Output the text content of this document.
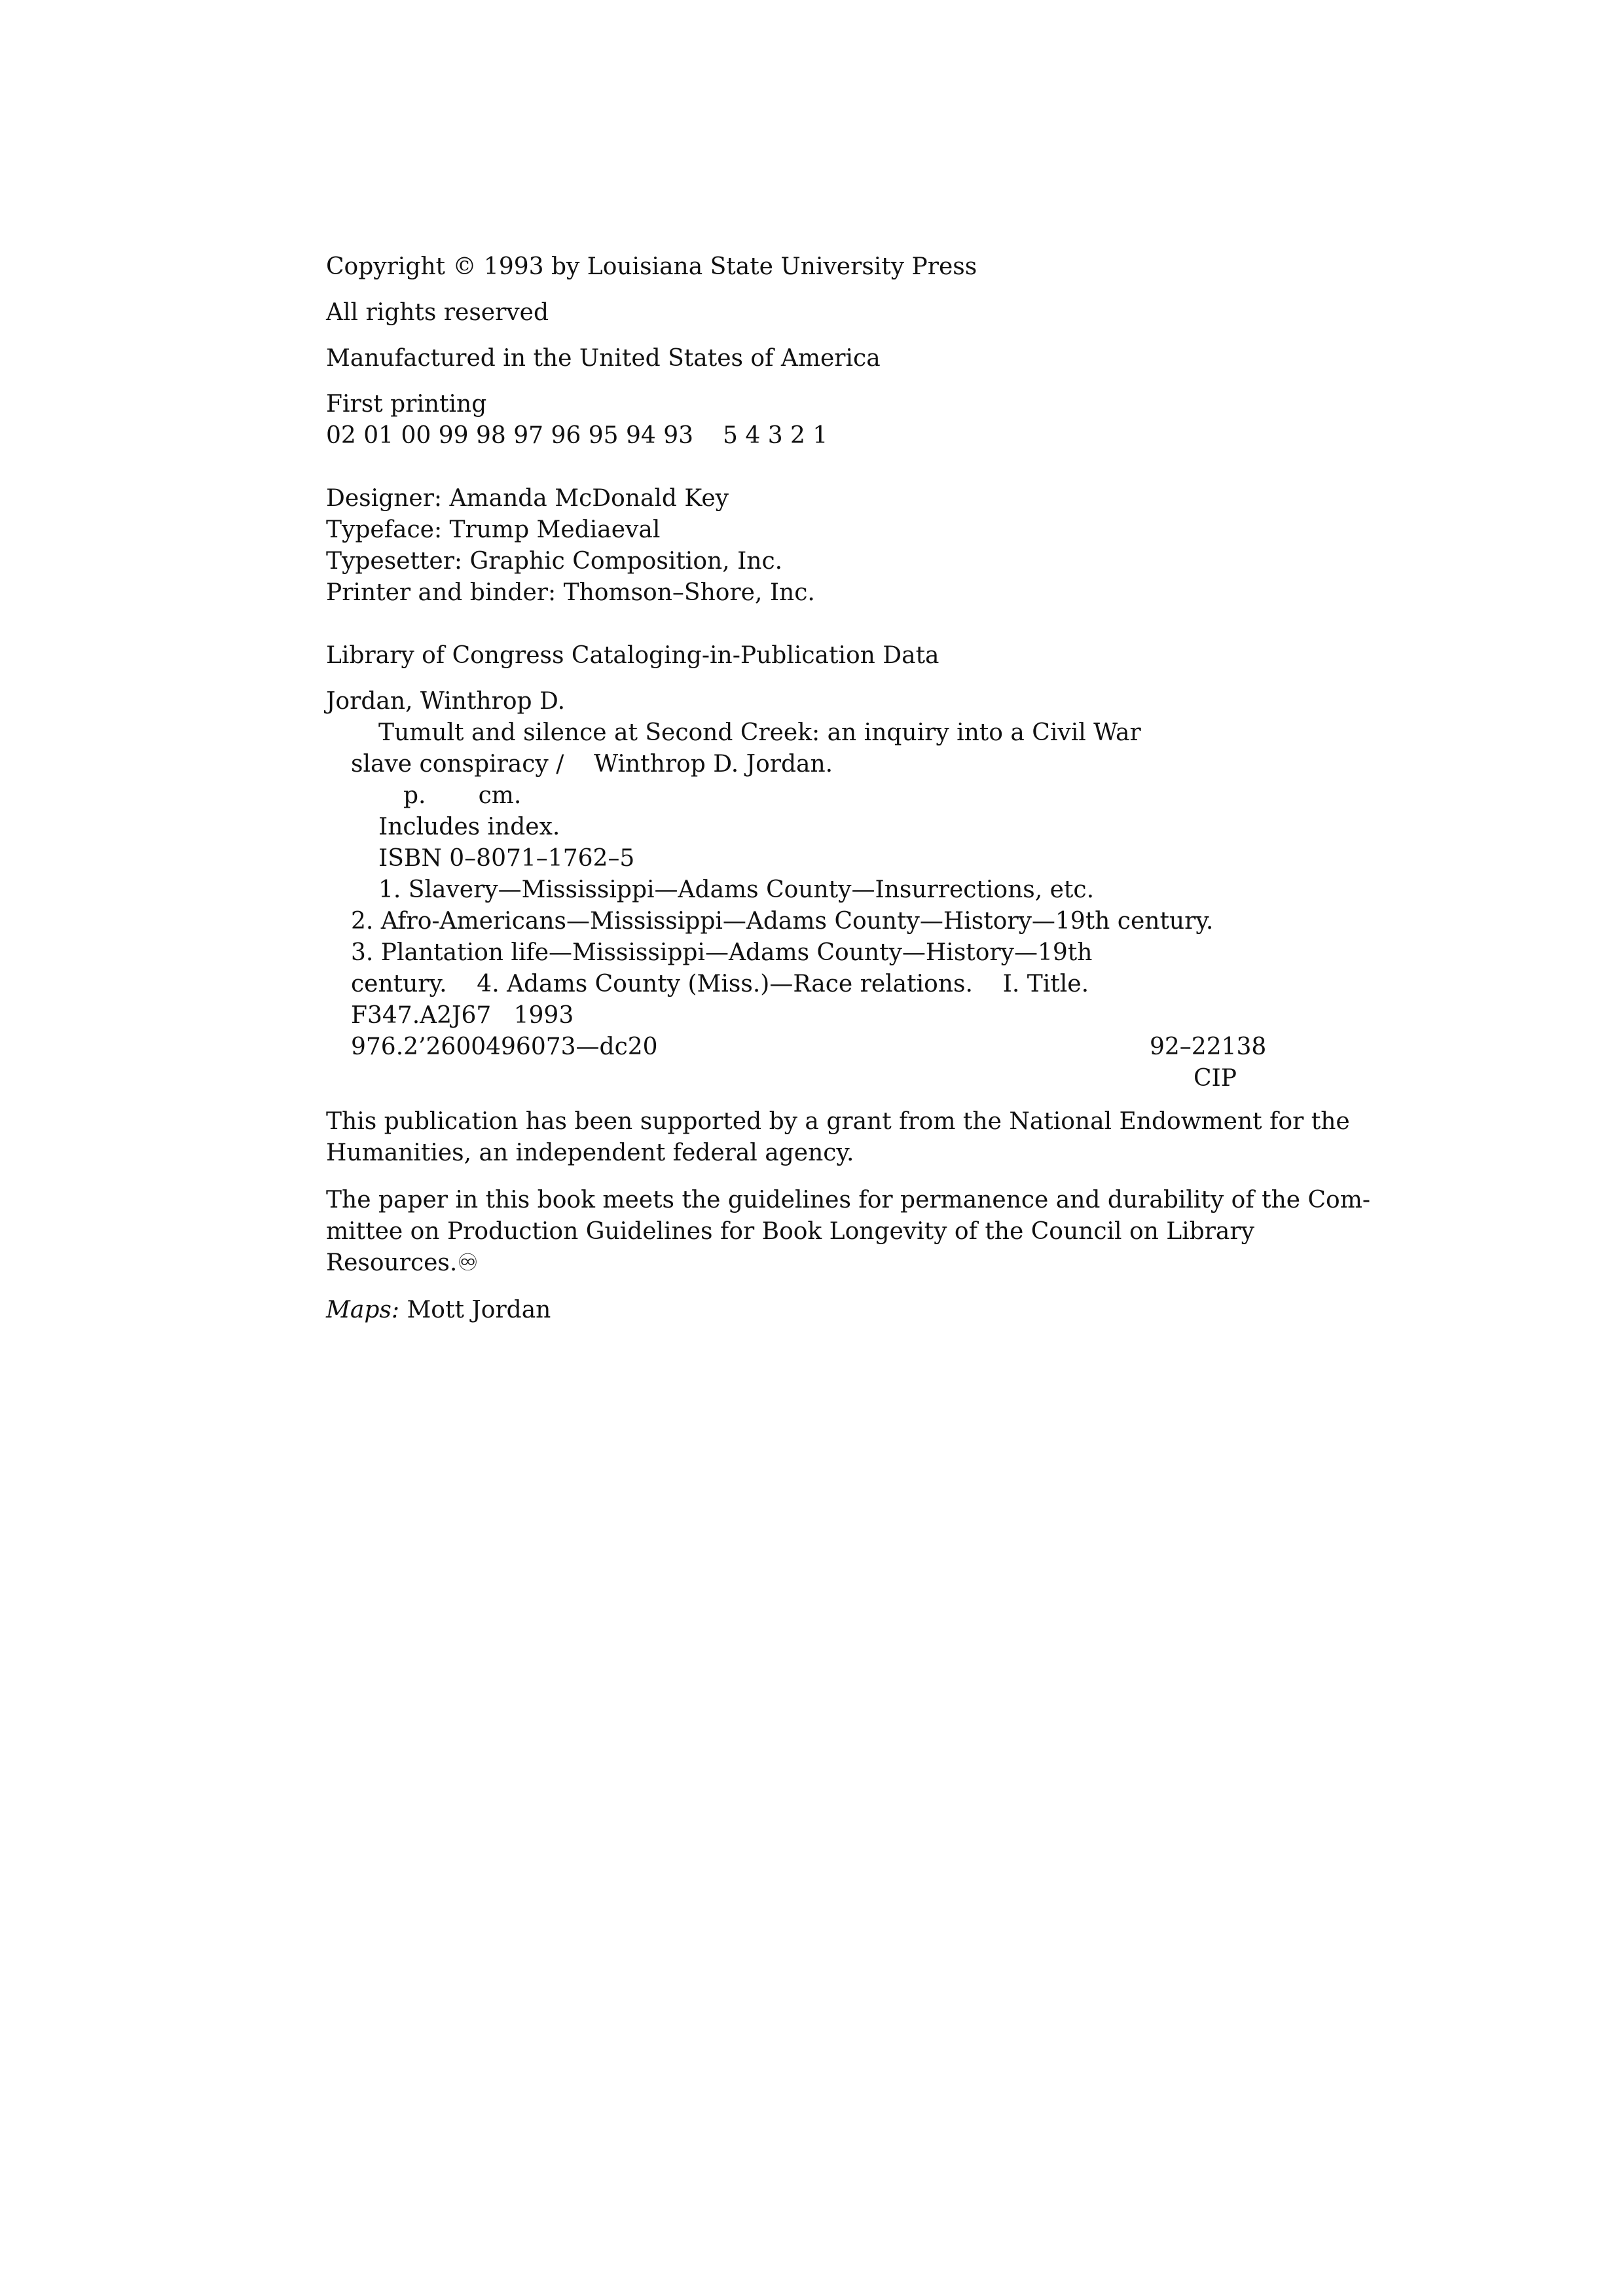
Copyright © 1993 by Louisiana State University Press
All rights reserved
Manufactured in the United States of America
First printing
02 01 00 99 98 97 96 95 94 93 5 4 3 2 1
Designer: Amanda McDonald Key
Typeface: Trump Mediaeval
Typesetter: Graphic Composition, Inc.
Printer and binder: Thomson–Shore, Inc.
Library of Congress Cataloging-in-Publication Data
Jordan, Winthrop D.
Tumult and silence at Second Creek: an inquiry into a Civil War
slave conspiracy /    Winthrop D. Jordan.
p.       cm.
Includes index.
ISBN 0–8071–1762–5
1. Slavery—Mississippi—Adams County—Insurrections, etc.
2. Afro-Americans—Mississippi—Adams County—History—19th century.
3. Plantation life—Mississippi—Adams County—History—19th
century.    4. Adams County (Miss.)—Race relations.    I. Title.
F347.A2J67   1993
976.2’2600496073—dc20	92–22138
CIP
This publication has been supported by a grant from the National Endowment for the Humanities, an independent federal agency.
The paper in this book meets the guidelines for permanence and durability of the Com-
mittee on Production Guidelines for Book Longevity of the Council on Library
Resources.♾
Maps: Mott Jordan
